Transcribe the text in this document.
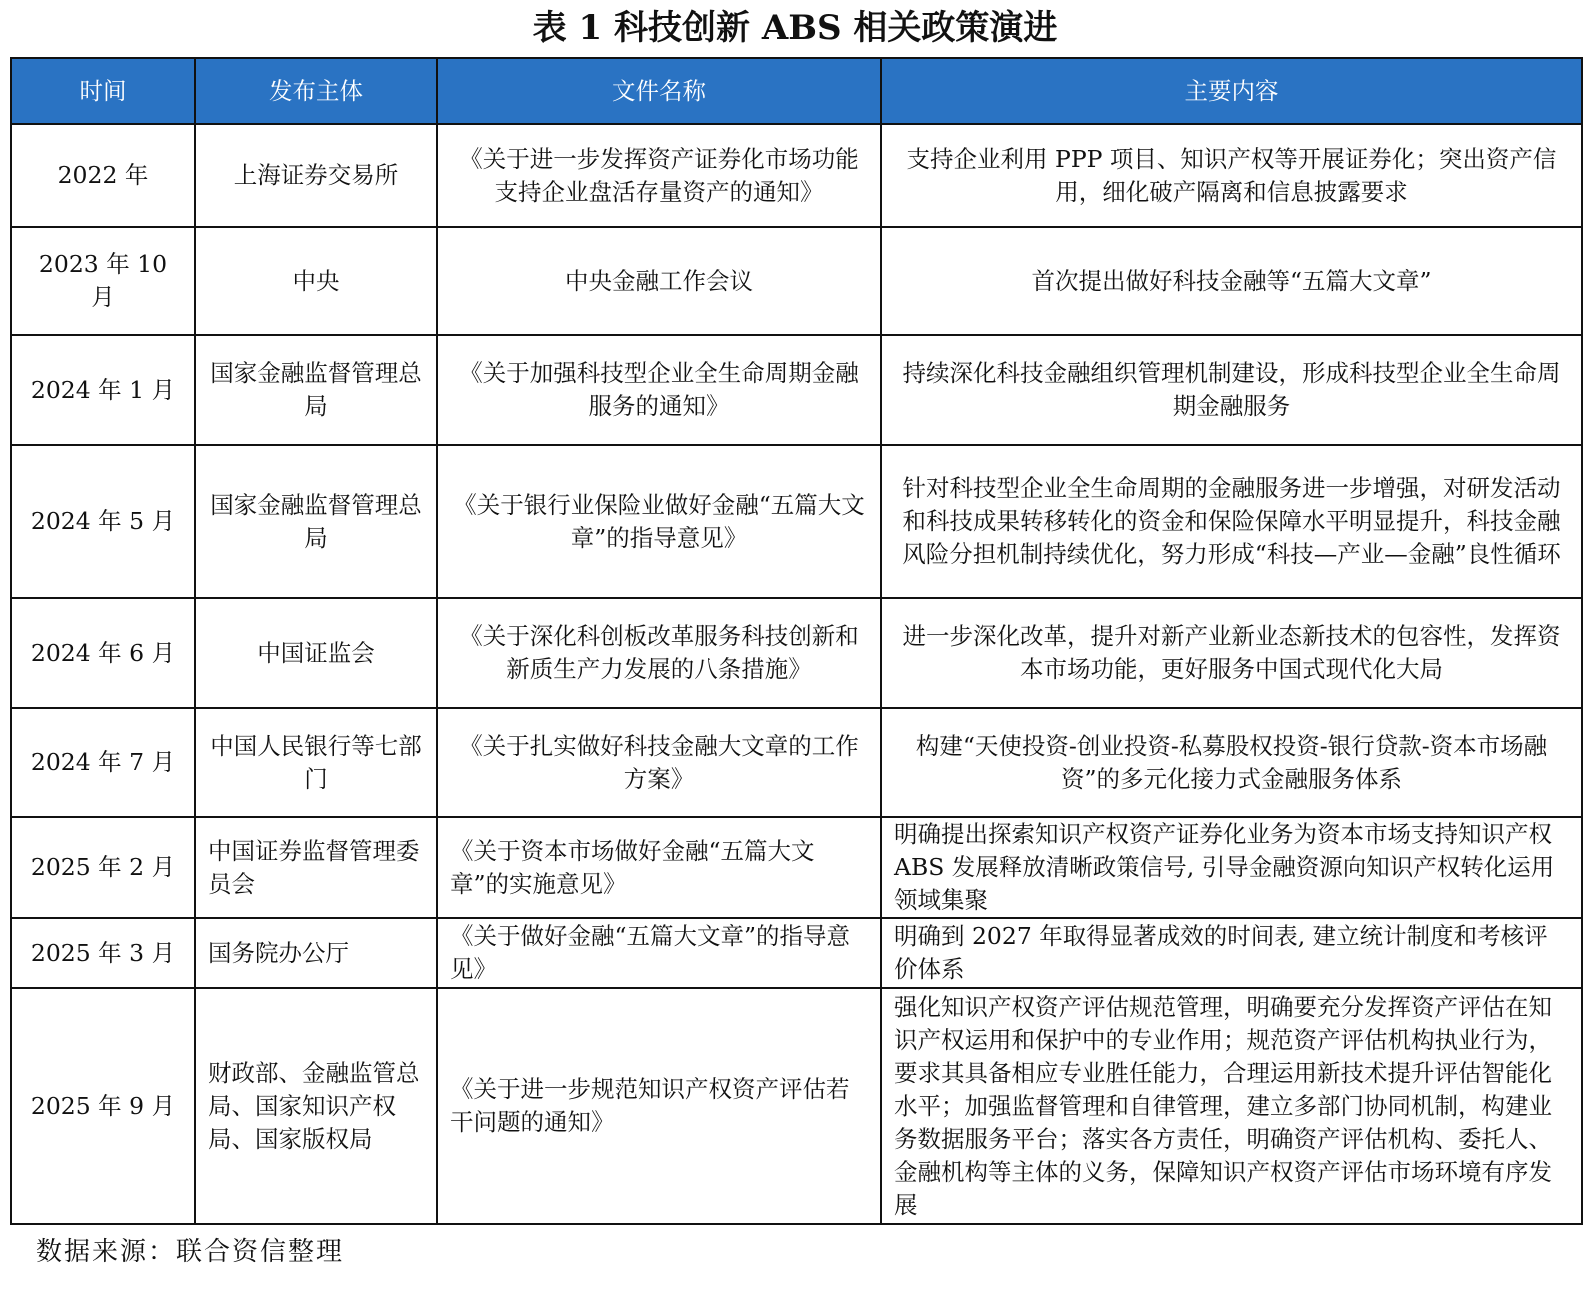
表 1 科技创新 ABS 相关政策演进
时间	发布主体	文件名称	主要内容
2022 年	上海证券交易所	《关于进一步发挥资产证券化市场功能支持企业盘活存量资产的通知》	支持企业利用 PPP 项目、知识产权等开展证券化；突出资产信用，细化破产隔离和信息披露要求
2023 年 10 月	中央	中央金融工作会议	首次提出做好科技金融等“五篇大文章”
2024 年 1 月	国家金融监督管理总局	《关于加强科技型企业全生命周期金融服务的通知》	持续深化科技金融组织管理机制建设，形成科技型企业全生命周期金融服务
2024 年 5 月	国家金融监督管理总局	《关于银行业保险业做好金融“五篇大文章”的指导意见》	针对科技型企业全生命周期的金融服务进一步增强，对研发活动和科技成果转移转化的资金和保险保障水平明显提升，科技金融风险分担机制持续优化，努力形成“科技—产业—金融”良性循环
2024 年 6 月	中国证监会	《关于深化科创板改革服务科技创新和新质生产力发展的八条措施》	进一步深化改革，提升对新产业新业态新技术的包容性，发挥资本市场功能，更好服务中国式现代化大局
2024 年 7 月	中国人民银行等七部门	《关于扎实做好科技金融大文章的工作方案》	构建“天使投资-创业投资-私募股权投资-银行贷款-资本市场融资”的多元化接力式金融服务体系
2025 年 2 月	中国证券监督管理委员会	《关于资本市场做好金融“五篇大文章”的实施意见》	明确提出探索知识产权资产证券化业务为资本市场支持知识产权 ABS 发展释放清晰政策信号, 引导金融资源向知识产权转化运用领域集聚
2025 年 3 月	国务院办公厅	《关于做好金融“五篇大文章”的指导意见》	明确到 2027 年取得显著成效的时间表, 建立统计制度和考核评价体系
2025 年 9 月	财政部、金融监管总局、国家知识产权局、国家版权局	《关于进一步规范知识产权资产评估若干问题的通知》	强化知识产权资产评估规范管理，明确要充分发挥资产评估在知识产权运用和保护中的专业作用；规范资产评估机构执业行为，要求其具备相应专业胜任能力，合理运用新技术提升评估智能化水平；加强监督管理和自律管理，建立多部门协同机制，构建业务数据服务平台；落实各方责任，明确资产评估机构、委托人、金融机构等主体的义务，保障知识产权资产评估市场环境有序发展
数据来源：联合资信整理
